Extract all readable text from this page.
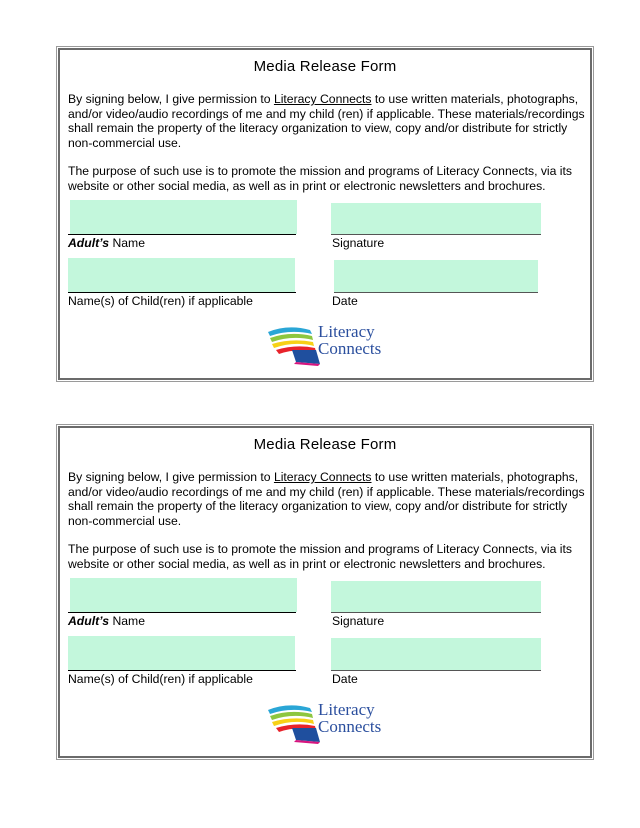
Media Release Form
By signing below, I give permission to Literacy Connects to use written materials, photographs, and/or video/audio recordings of me and my child (ren) if applicable. These materials/recordings shall remain the property of the literacy organization to view, copy and/or distribute for strictly non-commercial use.
The purpose of such use is to promote the mission and programs of Literacy Connects, via its website or other social media, as well as in print or electronic newsletters and brochures.
Adult’s Name	Signature
Name(s) of Child(ren) if applicable	Date
Literacy
Connects
Media Release Form
By signing below, I give permission to Literacy Connects to use written materials, photographs, and/or video/audio recordings of me and my child (ren) if applicable. These materials/recordings shall remain the property of the literacy organization to view, copy and/or distribute for strictly non-commercial use.
The purpose of such use is to promote the mission and programs of Literacy Connects, via its website or other social media, as well as in print or electronic newsletters and brochures.
Adult’s Name	Signature
Name(s) of Child(ren) if applicable	Date
Literacy
Connects
